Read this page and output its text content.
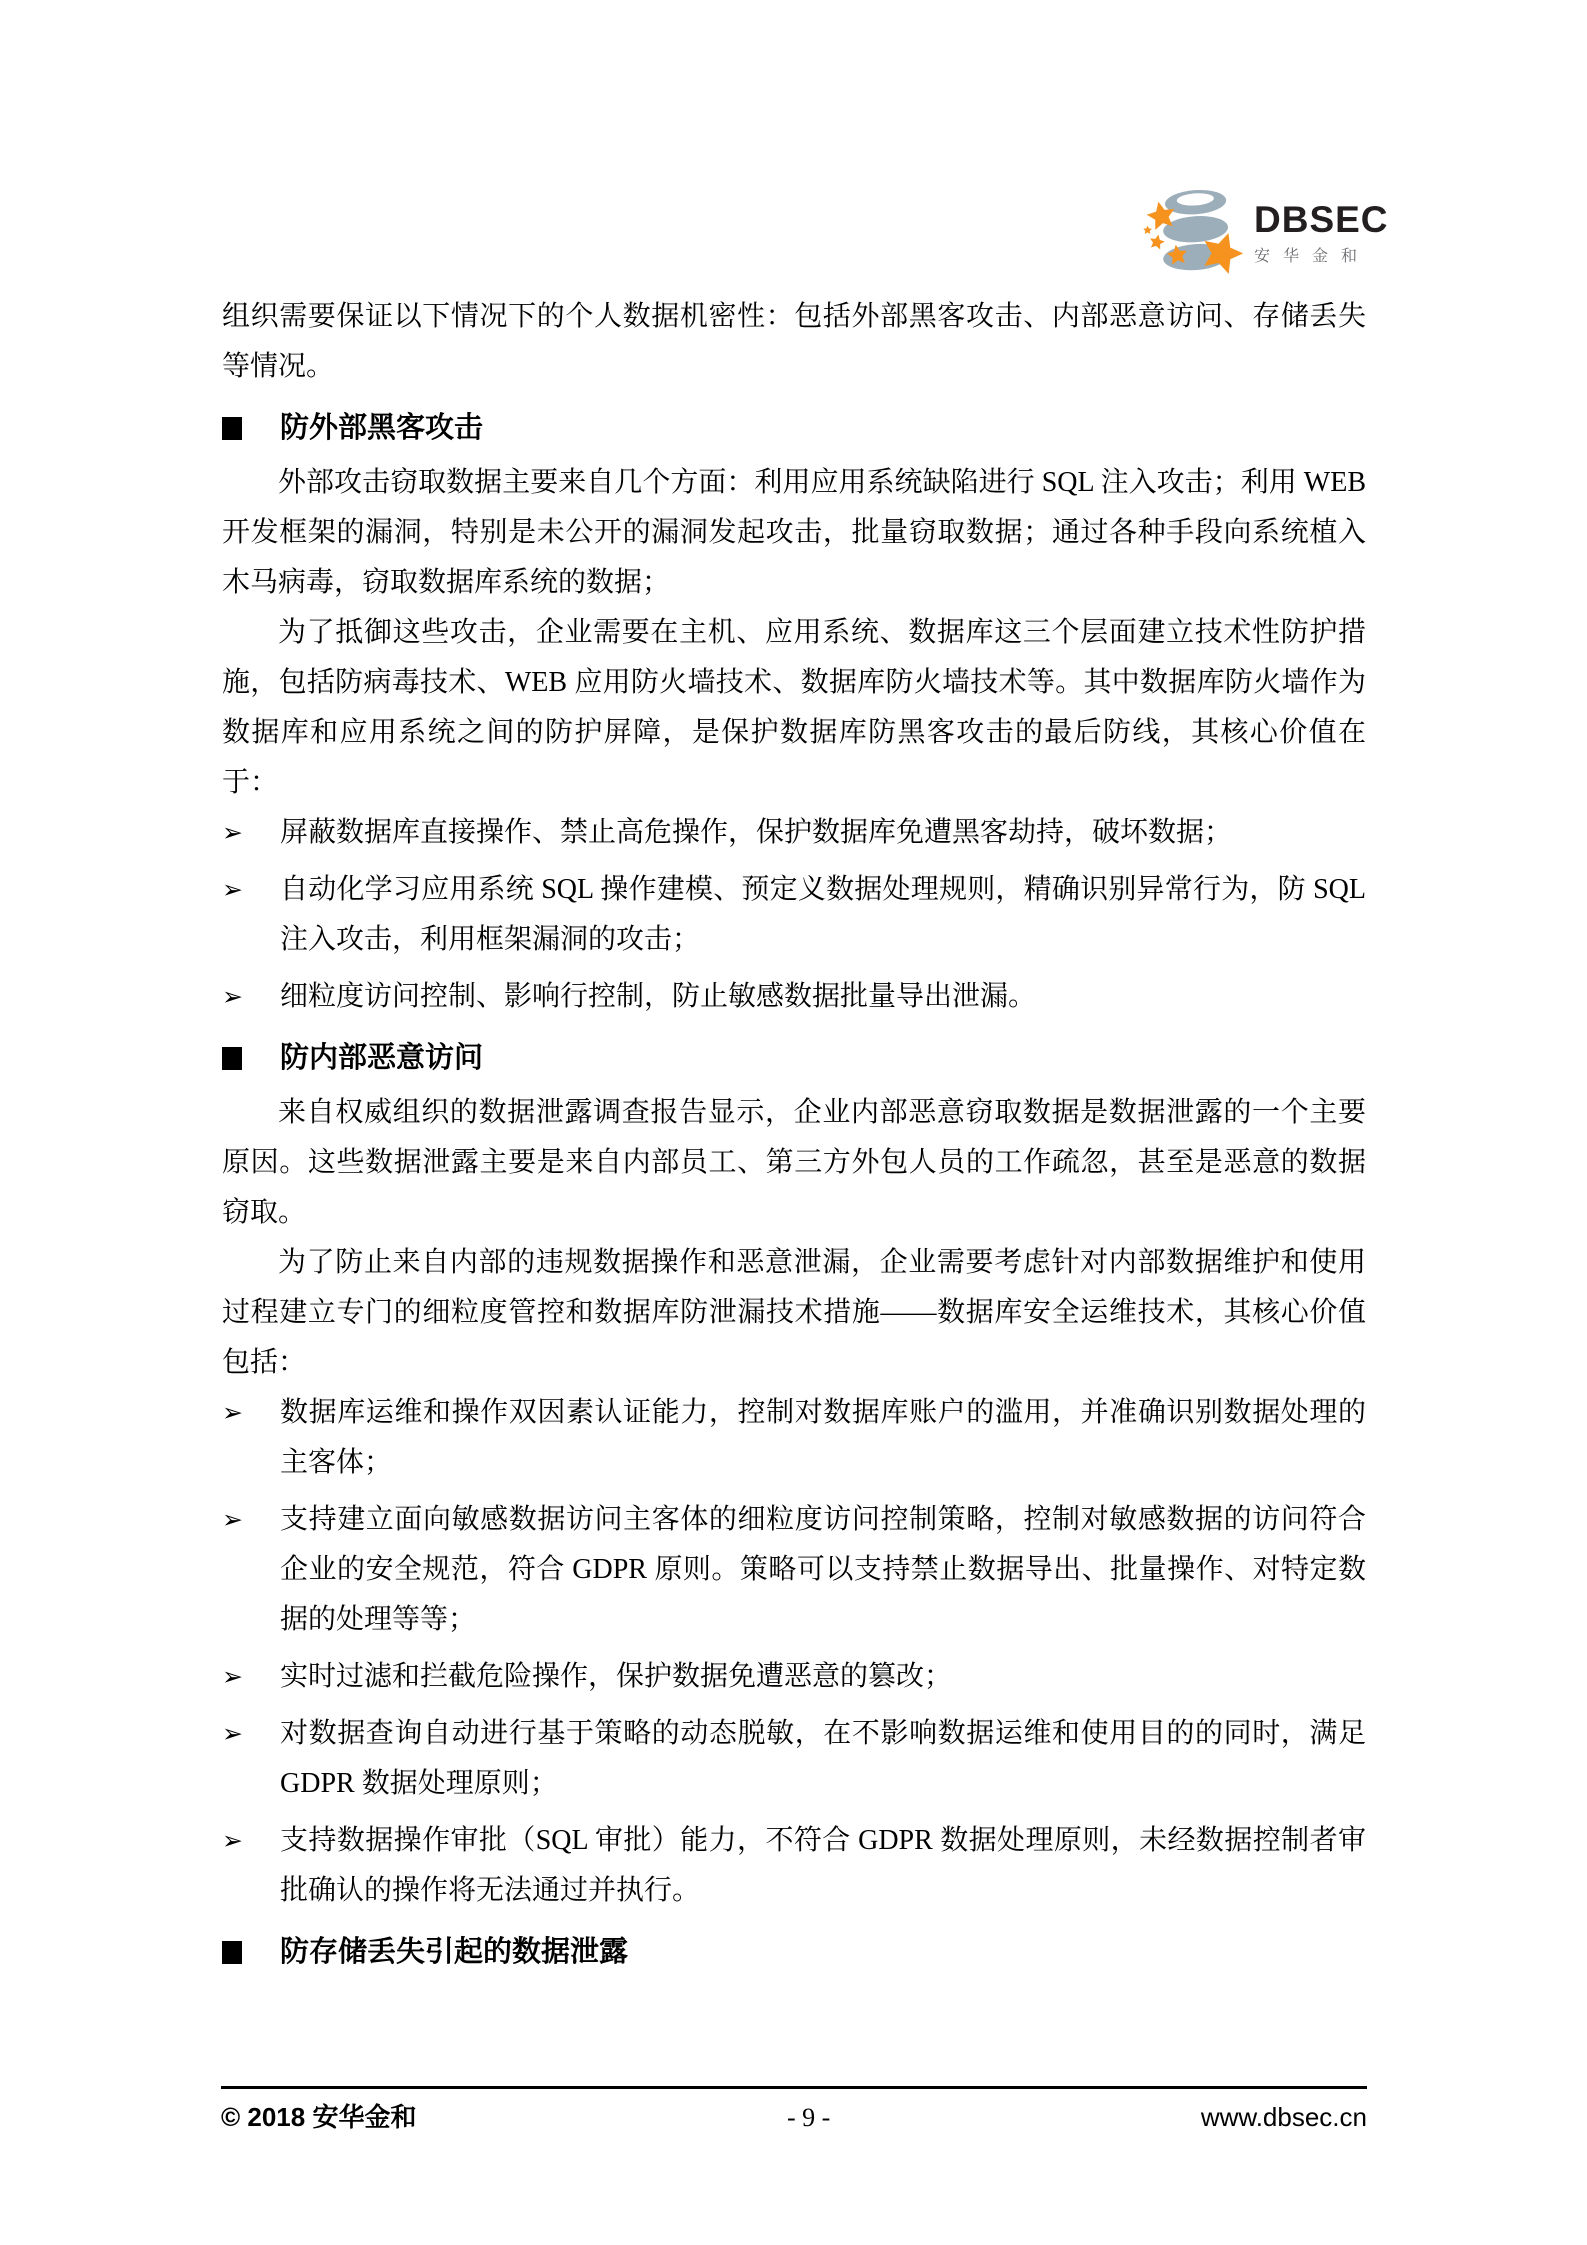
DBSEC
安华金和

组织需要保证以下情况下的个人数据机密性：包括外部黑客攻击、内部恶意访问、存储丢失等情况。

防外部黑客攻击

外部攻击窃取数据主要来自几个方面：利用应用系统缺陷进行 SQL 注入攻击；利用 WEB 开发框架的漏洞，特别是未公开的漏洞发起攻击，批量窃取数据；通过各种手段向系统植入木马病毒，窃取数据库系统的数据；

为了抵御这些攻击，企业需要在主机、应用系统、数据库这三个层面建立技术性防护措施，包括防病毒技术、WEB 应用防火墙技术、数据库防火墙技术等。其中数据库防火墙作为数据库和应用系统之间的防护屏障，是保护数据库防黑客攻击的最后防线，其核心价值在于：

➢	屏蔽数据库直接操作、禁止高危操作，保护数据库免遭黑客劫持，破坏数据；
➢	自动化学习应用系统 SQL 操作建模、预定义数据处理规则，精确识别异常行为，防 SQL 注入攻击，利用框架漏洞的攻击；
➢	细粒度访问控制、影响行控制，防止敏感数据批量导出泄漏。
防内部恶意访问

来自权威组织的数据泄露调查报告显示，企业内部恶意窃取数据是数据泄露的一个主要原因。这些数据泄露主要是来自内部员工、第三方外包人员的工作疏忽，甚至是恶意的数据窃取。

为了防止来自内部的违规数据操作和恶意泄漏，企业需要考虑针对内部数据维护和使用过程建立专门的细粒度管控和数据库防泄漏技术措施——数据库安全运维技术，其核心价值包括：

➢	数据库运维和操作双因素认证能力，控制对数据库账户的滥用，并准确识别数据处理的主客体；
➢	支持建立面向敏感数据访问主客体的细粒度访问控制策略，控制对敏感数据的访问符合企业的安全规范，符合 GDPR 原则。策略可以支持禁止数据导出、批量操作、对特定数据的处理等等；
➢	实时过滤和拦截危险操作，保护数据免遭恶意的篡改；
➢	对数据查询自动进行基于策略的动态脱敏，在不影响数据运维和使用目的的同时，满足 GDPR 数据处理原则；
➢	支持数据操作审批（SQL 审批）能力，不符合 GDPR 数据处理原则，未经数据控制者审批确认的操作将无法通过并执行。
防存储丢失引起的数据泄露
© 2018 安华金和	- 9 -	www.dbsec.cn
